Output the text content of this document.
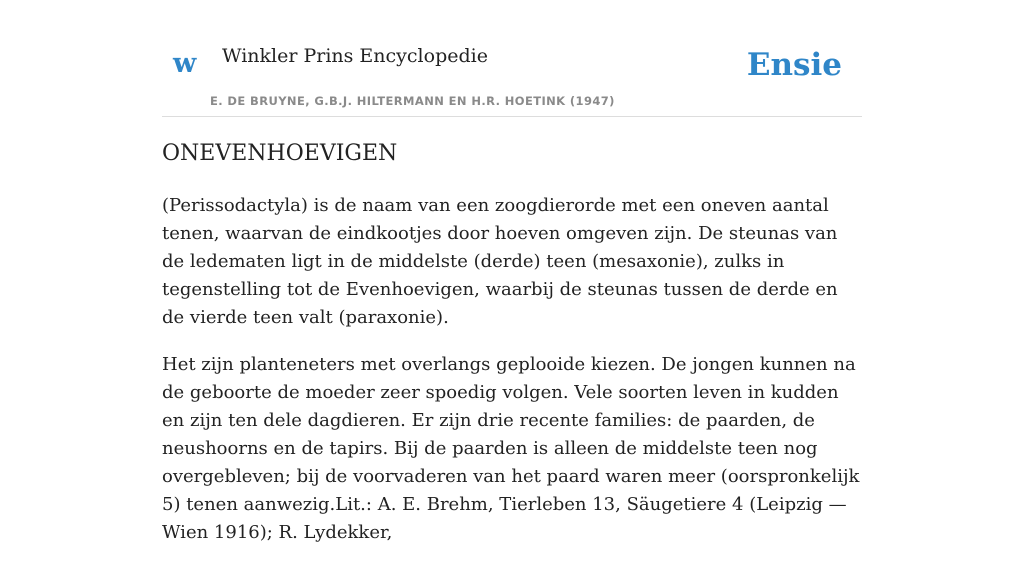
w Winkler Prins Encyclopedie
E. DE BRUYNE, G.B.J. HILTERMANN EN H.R. HOETINK (1947)
Ensie
ONEVENHOEVIGEN

(Perissodactyla) is de naam van een zoogdierorde met een oneven aantal tenen, waarvan de eindkootjes door hoeven omgeven zijn. De steunas van de ledematen ligt in de middelste (derde) teen (mesaxonie), zulks in tegenstelling tot de Evenhoevigen, waarbij de steunas tussen de derde en de vierde teen valt (paraxonie).

Het zijn planteneters met overlangs geplooide kiezen. De jongen kunnen na de geboorte de moeder zeer spoedig volgen. Vele soorten leven in kudden en zijn ten dele dagdieren. Er zijn drie recente families: de paarden, de neushoorns en de tapirs. Bij de paarden is alleen de middelste teen nog overgebleven; bij de voorvaderen van het paard waren meer (oorspronkelijk 5) tenen aanwezig.Lit.: A. E. Brehm, Tierleben 13, Säugetiere 4 (Leipzig — Wien 1916); R. Lydekker,
